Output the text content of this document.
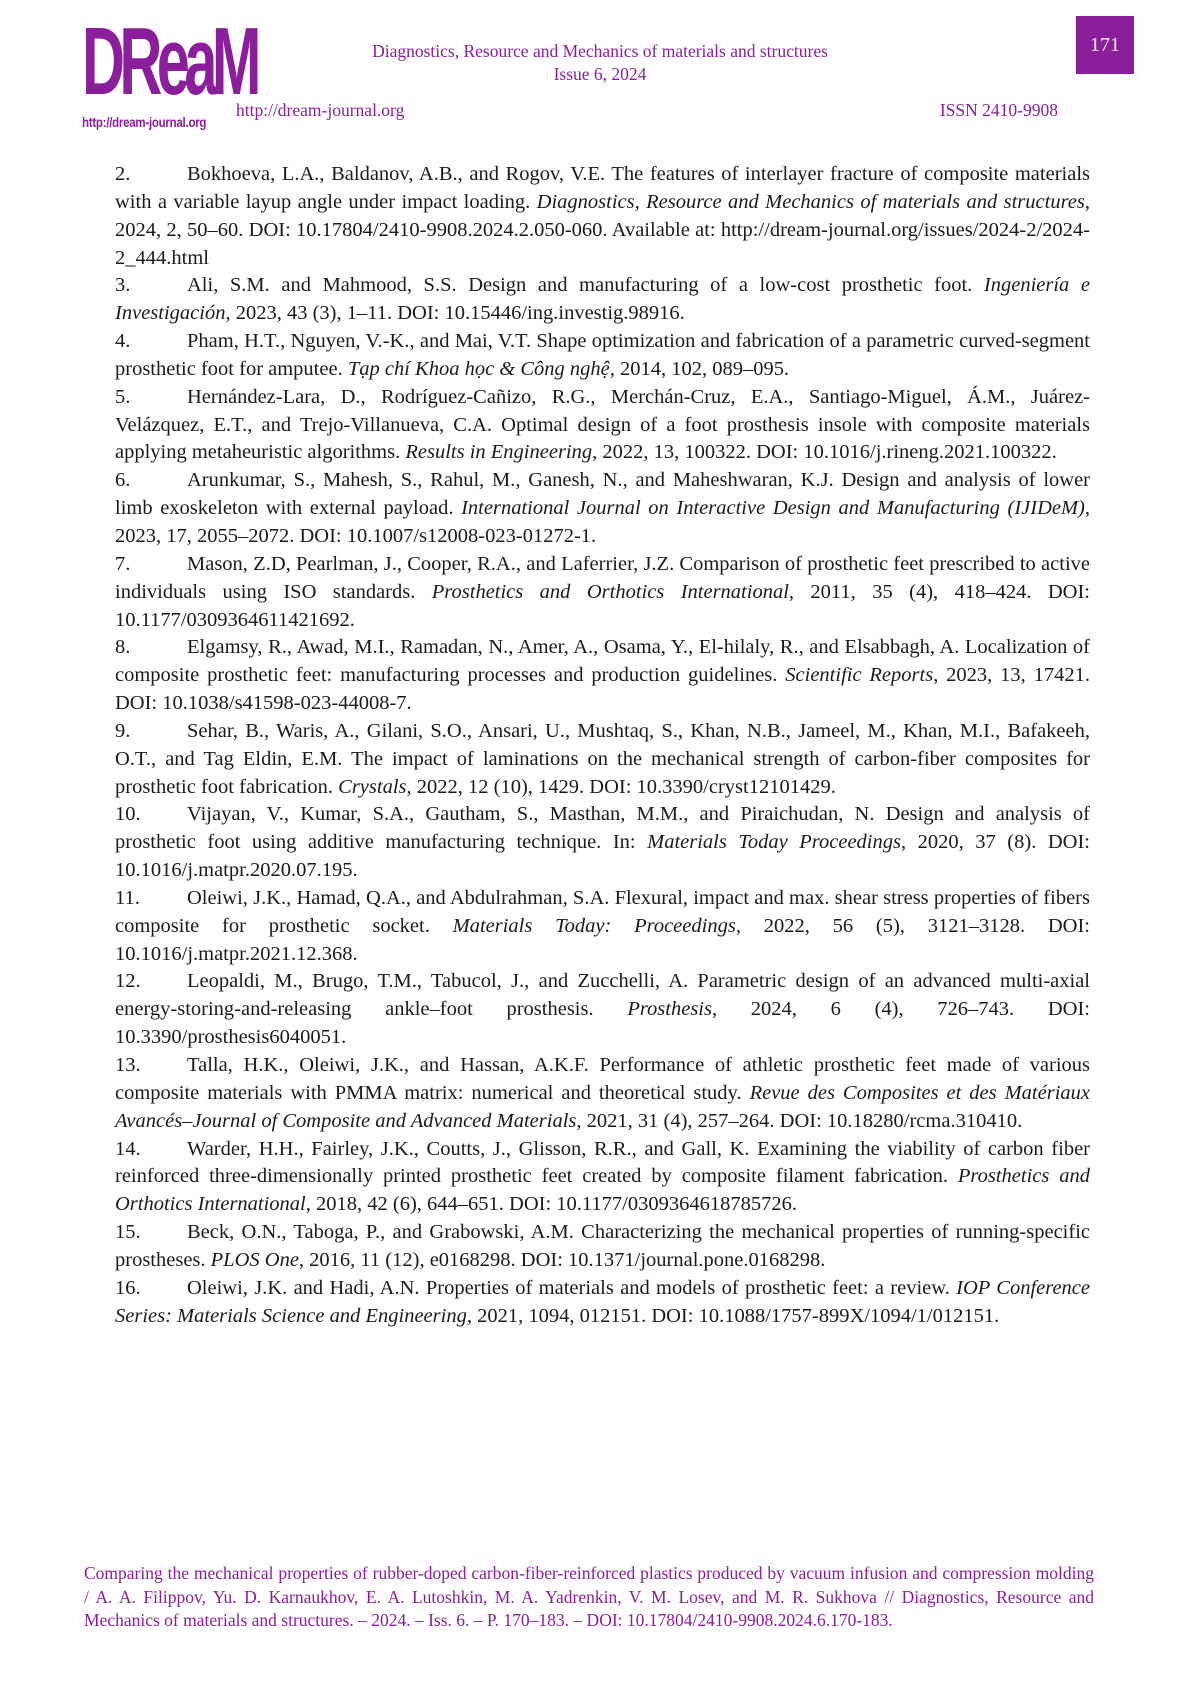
DReaM
http://dream-journal.org
Diagnostics, Resource and Mechanics of materials and structures
Issue 6, 2024
http://dream-journal.org	ISSN 2410-9908
171

2.	Bokhoeva, L.A., Baldanov, A.B., and Rogov, V.E. The features of interlayer fracture of composite materials with a variable layup angle under impact loading. Diagnostics, Resource and Mechanics of materials and structures, 2024, 2, 50–60. DOI: 10.17804/2410-9908.2024.2.050-060. Available at: http://dream-journal.org/issues/2024-2/2024-2_444.html

3.	Ali, S.M. and Mahmood, S.S. Design and manufacturing of a low-cost prosthetic foot. Ingeniería e Investigación, 2023, 43 (3), 1–11. DOI: 10.15446/ing.investig.98916.

4.	Pham, H.T., Nguyen, V.-K., and Mai, V.T. Shape optimization and fabrication of a parametric curved-segment prosthetic foot for amputee. Tạp chí Khoa học & Công nghệ, 2014, 102, 089–095.

5.	Hernández-Lara, D., Rodríguez-Cañizo, R.G., Merchán-Cruz, E.A., Santiago-Miguel, Á.M., Juárez-Velázquez, E.T., and Trejo-Villanueva, C.A. Optimal design of a foot prosthesis insole with composite materials applying metaheuristic algorithms. Results in Engineering, 2022, 13, 100322. DOI: 10.1016/j.rineng.2021.100322.

6.	Arunkumar, S., Mahesh, S., Rahul, M., Ganesh, N., and Maheshwaran, K.J. Design and analysis of lower limb exoskeleton with external payload. International Journal on Interactive Design and Manufacturing (IJIDeM), 2023, 17, 2055–2072. DOI: 10.1007/s12008-023-01272-1.

7.	Mason, Z.D, Pearlman, J., Cooper, R.A., and Laferrier, J.Z. Comparison of prosthetic feet prescribed to active individuals using ISO standards. Prosthetics and Orthotics International, 2011, 35 (4), 418–424. DOI: 10.1177/0309364611421692.

8.	Elgamsy, R., Awad, M.I., Ramadan, N., Amer, A., Osama, Y., El-hilaly, R., and Elsabbagh, A. Localization of composite prosthetic feet: manufacturing processes and production guidelines. Scientific Reports, 2023, 13, 17421. DOI: 10.1038/s41598-023-44008-7.

9.	Sehar, B., Waris, A., Gilani, S.O., Ansari, U., Mushtaq, S., Khan, N.B., Jameel, M., Khan, M.I., Bafakeeh, O.T., and Tag Eldin, E.M. The impact of laminations on the mechanical strength of carbon-fiber composites for prosthetic foot fabrication. Crystals, 2022, 12 (10), 1429. DOI: 10.3390/cryst12101429.

10. Vijayan, V., Kumar, S.A., Gautham, S., Masthan, M.M., and Piraichudan, N. Design and analysis of prosthetic foot using additive manufacturing technique. In: Materials Today Proceedings, 2020, 37 (8). DOI: 10.1016/j.matpr.2020.07.195.

11. Oleiwi, J.K., Hamad, Q.A., and Abdulrahman, S.A. Flexural, impact and max. shear stress properties of fibers composite for prosthetic socket. Materials Today: Proceedings, 2022, 56 (5), 3121–3128. DOI: 10.1016/j.matpr.2021.12.368.

12. Leopaldi, M., Brugo, T.M., Tabucol, J., and Zucchelli, A. Parametric design of an advanced multi-axial energy-storing-and-releasing ankle–foot prosthesis. Prosthesis, 2024, 6 (4), 726–743. DOI: 10.3390/prosthesis6040051.

13. Talla, H.K., Oleiwi, J.K., and Hassan, A.K.F. Performance of athletic prosthetic feet made of various composite materials with PMMA matrix: numerical and theoretical study. Revue des Composites et des Matériaux Avancés–Journal of Composite and Advanced Materials, 2021, 31 (4), 257–264. DOI: 10.18280/rcma.310410.

14. Warder, H.H., Fairley, J.K., Coutts, J., Glisson, R.R., and Gall, K. Examining the viability of carbon fiber reinforced three-dimensionally printed prosthetic feet created by composite filament fabrication. Prosthetics and Orthotics International, 2018, 42 (6), 644–651. DOI: 10.1177/0309364618785726.

15. Beck, O.N., Taboga, P., and Grabowski, A.M. Characterizing the mechanical properties of running-specific prostheses. PLOS One, 2016, 11 (12), e0168298. DOI: 10.1371/journal.pone.0168298.

16. Oleiwi, J.K. and Hadi, A.N. Properties of materials and models of prosthetic feet: a review. IOP Conference Series: Materials Science and Engineering, 2021, 1094, 012151. DOI: 10.1088/1757-899X/1094/1/012151.

Comparing the mechanical properties of rubber-doped carbon-fiber-reinforced plastics produced by vacuum infusion and compression molding / A. A. Filippov, Yu. D. Karnaukhov, E. A. Lutoshkin, M. A. Yadrenkin, V. M. Losev, and M. R. Sukhova // Diagnostics, Resource and Mechanics of materials and structures. – 2024. – Iss. 6. – P. 170–183. – DOI: 10.17804/2410-9908.2024.6.170-183.
